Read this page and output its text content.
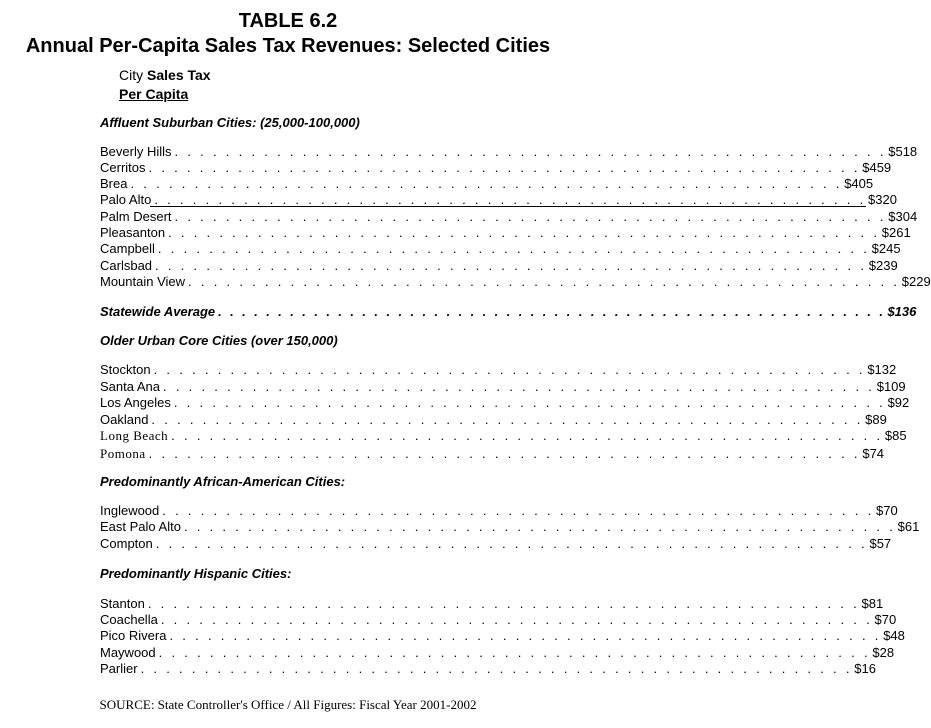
TABLE 6.2
Annual Per-Capita Sales Tax Revenues: Selected Cities
City Sales Tax
Per Capita
Affluent Suburban Cities: (25,000-100,000)
Beverly Hills . . . . . . . . . . . . . . . . . . . . . . . . . . . . . . . . . . . . . . . . . . . . . . . . . . . . . . . . $518
Cerritos . . . . . . . . . . . . . . . . . . . . . . . . . . . . . . . . . . . . . . . . . . . . . . . . . . . . . . . . $459
Brea . . . . . . . . . . . . . . . . . . . . . . . . . . . . . . . . . . . . . . . . . . . . . . . . . . . . . . . . $405
Palo Alto . . . . . . . . . . . . . . . . . . . . . . . . . . . . . . . . . . . . . . . . . . . . . . . . . . . . . . . . $320
Palm Desert . . . . . . . . . . . . . . . . . . . . . . . . . . . . . . . . . . . . . . . . . . . . . . . . . . . . . . . . $304
Pleasanton . . . . . . . . . . . . . . . . . . . . . . . . . . . . . . . . . . . . . . . . . . . . . . . . . . . . . . . . $261
Campbell . . . . . . . . . . . . . . . . . . . . . . . . . . . . . . . . . . . . . . . . . . . . . . . . . . . . . . . . $245
Carlsbad . . . . . . . . . . . . . . . . . . . . . . . . . . . . . . . . . . . . . . . . . . . . . . . . . . . . . . . . $239
Mountain View . . . . . . . . . . . . . . . . . . . . . . . . . . . . . . . . . . . . . . . . . . . . . . . . . . . . . . . . $229
Statewide Average . . . . . . . . . . . . . . . . . . . . . . . . . . . . . . . . . . . . . . . . . . . . . . . . . . . . . . . . $136
Older Urban Core Cities (over 150,000)
Stockton . . . . . . . . . . . . . . . . . . . . . . . . . . . . . . . . . . . . . . . . . . . . . . . . . . . . . . . . $132
Santa Ana . . . . . . . . . . . . . . . . . . . . . . . . . . . . . . . . . . . . . . . . . . . . . . . . . . . . . . . . $109
Los Angeles . . . . . . . . . . . . . . . . . . . . . . . . . . . . . . . . . . . . . . . . . . . . . . . . . . . . . . . . $92
Oakland . . . . . . . . . . . . . . . . . . . . . . . . . . . . . . . . . . . . . . . . . . . . . . . . . . . . . . . . $89
Long Beach . . . . . . . . . . . . . . . . . . . . . . . . . . . . . . . . . . . . . . . . . . . . . . . . . . . . . . . . $85
Pomona . . . . . . . . . . . . . . . . . . . . . . . . . . . . . . . . . . . . . . . . . . . . . . . . . . . . . . . . $74
Predominantly African-American Cities:
Inglewood . . . . . . . . . . . . . . . . . . . . . . . . . . . . . . . . . . . . . . . . . . . . . . . . . . . . . . . . $70
East Palo Alto . . . . . . . . . . . . . . . . . . . . . . . . . . . . . . . . . . . . . . . . . . . . . . . . . . . . . . . . $61
Compton . . . . . . . . . . . . . . . . . . . . . . . . . . . . . . . . . . . . . . . . . . . . . . . . . . . . . . . . $57
Predominantly Hispanic Cities:
Stanton . . . . . . . . . . . . . . . . . . . . . . . . . . . . . . . . . . . . . . . . . . . . . . . . . . . . . . . . $81
Coachella . . . . . . . . . . . . . . . . . . . . . . . . . . . . . . . . . . . . . . . . . . . . . . . . . . . . . . . . $70
Pico Rivera . . . . . . . . . . . . . . . . . . . . . . . . . . . . . . . . . . . . . . . . . . . . . . . . . . . . . . . . $48
Maywood . . . . . . . . . . . . . . . . . . . . . . . . . . . . . . . . . . . . . . . . . . . . . . . . . . . . . . . . $28
Parlier . . . . . . . . . . . . . . . . . . . . . . . . . . . . . . . . . . . . . . . . . . . . . . . . . . . . . . . . $16
SOURCE: State Controller's Office / All Figures: Fiscal Year 2001-2002
